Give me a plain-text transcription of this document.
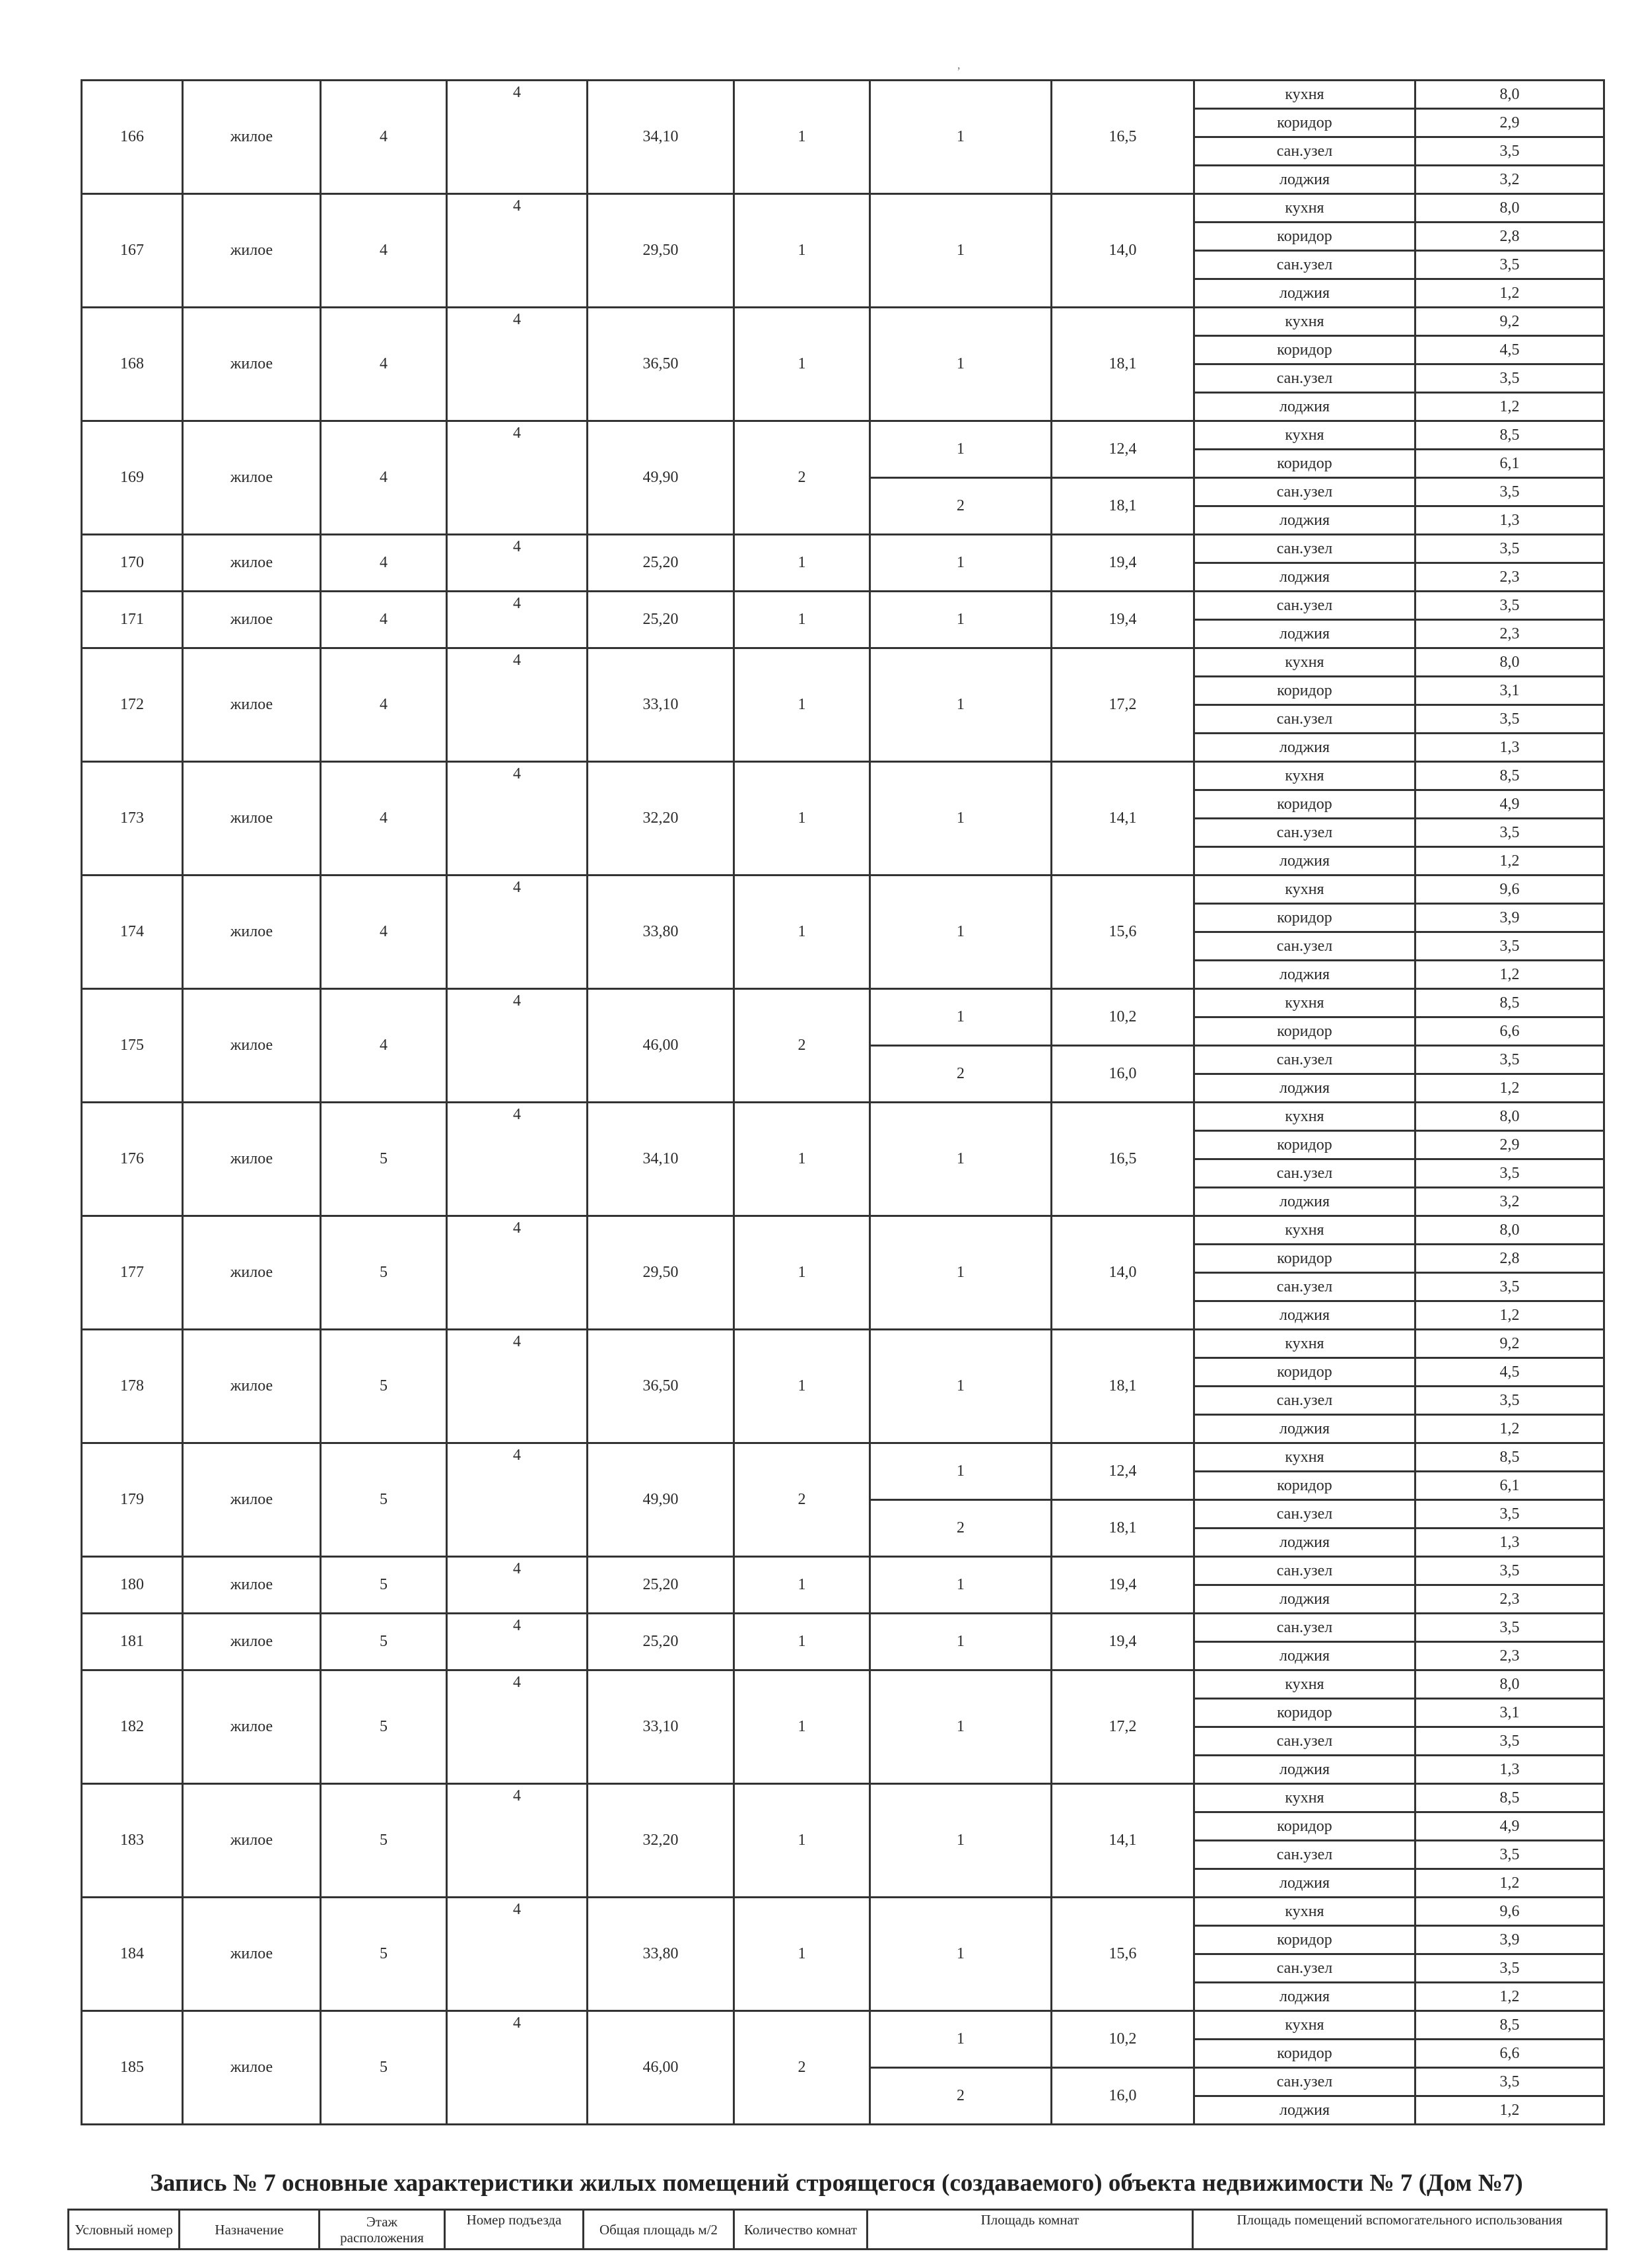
,
166	жилое	4	4	34,10	1	1	16,5	кухня	8,0
								коридор	2,9
								сан.узел	3,5
								лоджия	3,2
167	жилое	4	4	29,50	1	1	14,0	кухня	8,0
								коридор	2,8
								сан.узел	3,5
								лоджия	1,2
168	жилое	4	4	36,50	1	1	18,1	кухня	9,2
								коридор	4,5
								сан.узел	3,5
								лоджия	1,2
169	жилое	4	4	49,90	2	1	12,4	кухня	8,5
								коридор	6,1
						2	18,1	сан.узел	3,5
								лоджия	1,3
170	жилое	4	4	25,20	1	1	19,4	сан.узел	3,5
								лоджия	2,3
171	жилое	4	4	25,20	1	1	19,4	сан.узел	3,5
								лоджия	2,3
172	жилое	4	4	33,10	1	1	17,2	кухня	8,0
								коридор	3,1
								сан.узел	3,5
								лоджия	1,3
173	жилое	4	4	32,20	1	1	14,1	кухня	8,5
								коридор	4,9
								сан.узел	3,5
								лоджия	1,2
174	жилое	4	4	33,80	1	1	15,6	кухня	9,6
								коридор	3,9
								сан.узел	3,5
								лоджия	1,2
175	жилое	4	4	46,00	2	1	10,2	кухня	8,5
								коридор	6,6
						2	16,0	сан.узел	3,5
								лоджия	1,2
176	жилое	5	4	34,10	1	1	16,5	кухня	8,0
								коридор	2,9
								сан.узел	3,5
								лоджия	3,2
177	жилое	5	4	29,50	1	1	14,0	кухня	8,0
								коридор	2,8
								сан.узел	3,5
								лоджия	1,2
178	жилое	5	4	36,50	1	1	18,1	кухня	9,2
								коридор	4,5
								сан.узел	3,5
								лоджия	1,2
179	жилое	5	4	49,90	2	1	12,4	кухня	8,5
								коридор	6,1
						2	18,1	сан.узел	3,5
								лоджия	1,3
180	жилое	5	4	25,20	1	1	19,4	сан.узел	3,5
								лоджия	2,3
181	жилое	5	4	25,20	1	1	19,4	сан.узел	3,5
								лоджия	2,3
182	жилое	5	4	33,10	1	1	17,2	кухня	8,0
								коридор	3,1
								сан.узел	3,5
								лоджия	1,3
183	жилое	5	4	32,20	1	1	14,1	кухня	8,5
								коридор	4,9
								сан.узел	3,5
								лоджия	1,2
184	жилое	5	4	33,80	1	1	15,6	кухня	9,6
								коридор	3,9
								сан.узел	3,5
								лоджия	1,2
185	жилое	5	4	46,00	2	1	10,2	кухня	8,5
								коридор	6,6
						2	16,0	сан.узел	3,5
								лоджия	1,2
Запись № 7 основные характеристики жилых помещений строящегося (создаваемого) объекта недвижимости № 7 (Дом №7)
Условный номер	Назначение	Этаж расположения	Номер подъезда	Общая площадь м/2	Количество комнат	Площадь комнат	Площадь помещений вспомогательного использования
